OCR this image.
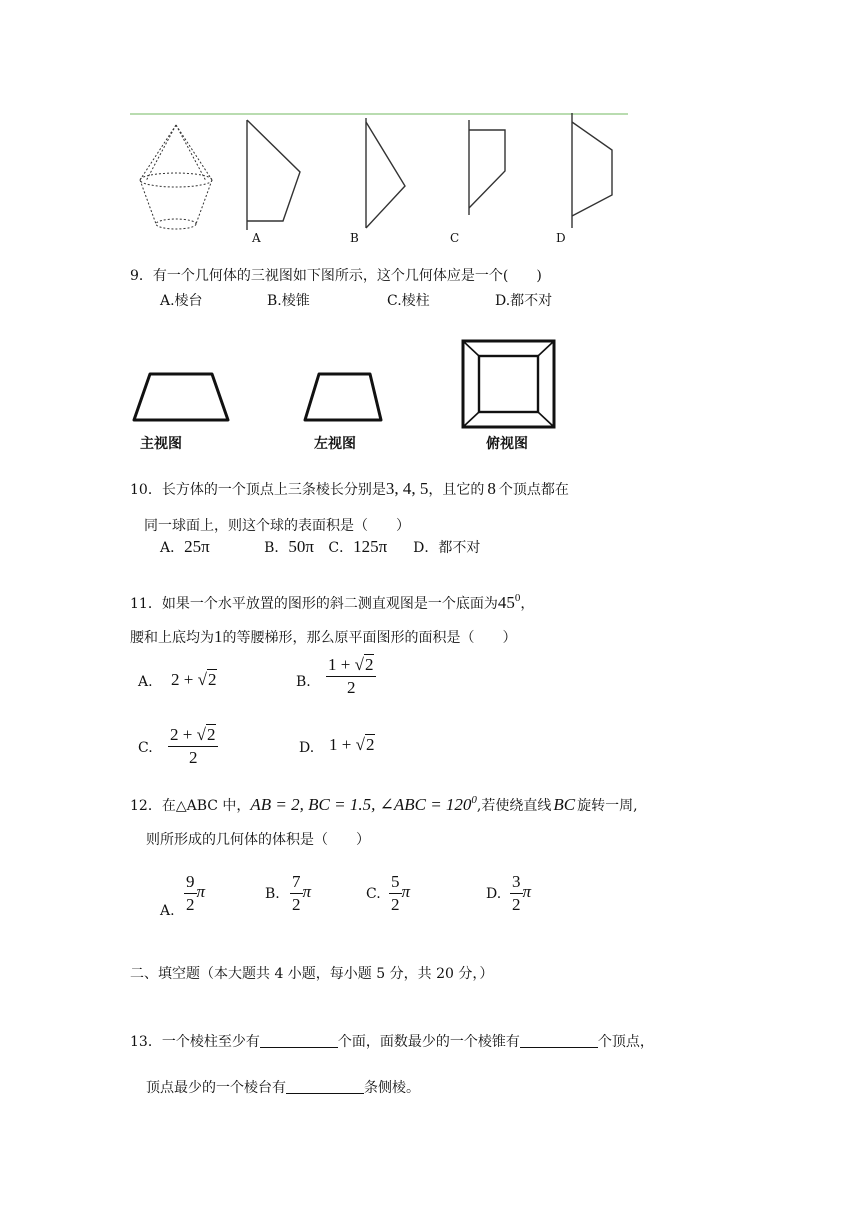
A	B	C	D
9．有一个几何体的三视图如下图所示，这个几何体应是一个(　　)
A.棱台	B.棱锥	C.棱柱	D.都不对
主视图	左视图	俯视图
10．长方体的一个顶点上三条棱长分别是3, 4, 5，且它的 8 个顶点都在
同一球面上，则这个球的表面积是（　　）
A．25π	B．50π C．125π D．都不对
11．如果一个水平放置的图形的斜二测直观图是一个底面为$45^0$，
腰和上底均为1的等腰梯形，那么原平面图形的面积是（　　）
A. 2 + √2	B. $\frac{1 + √2}{2}$
C. $\frac{2 + √2}{2}$	D. 1 + √2
12．在△ABC 中，AB = 2, BC = 1.5, ∠ABC = $120^0$,若使绕直线 BC 旋转一周,
则所形成的几何体的体积是（　　）
A. $\frac{9}{2}$ π	B. $\frac{7}{2}$ π	C. $\frac{5}{2}$ π	D. $\frac{3}{2}$ π
二、填空题（本大题共 4 小题，每小题 5 分，共 20 分，）
13．一个棱柱至少有	个面，面数最少的一个棱锥有	个顶点，
顶点最少的一个棱台有	条侧棱。
